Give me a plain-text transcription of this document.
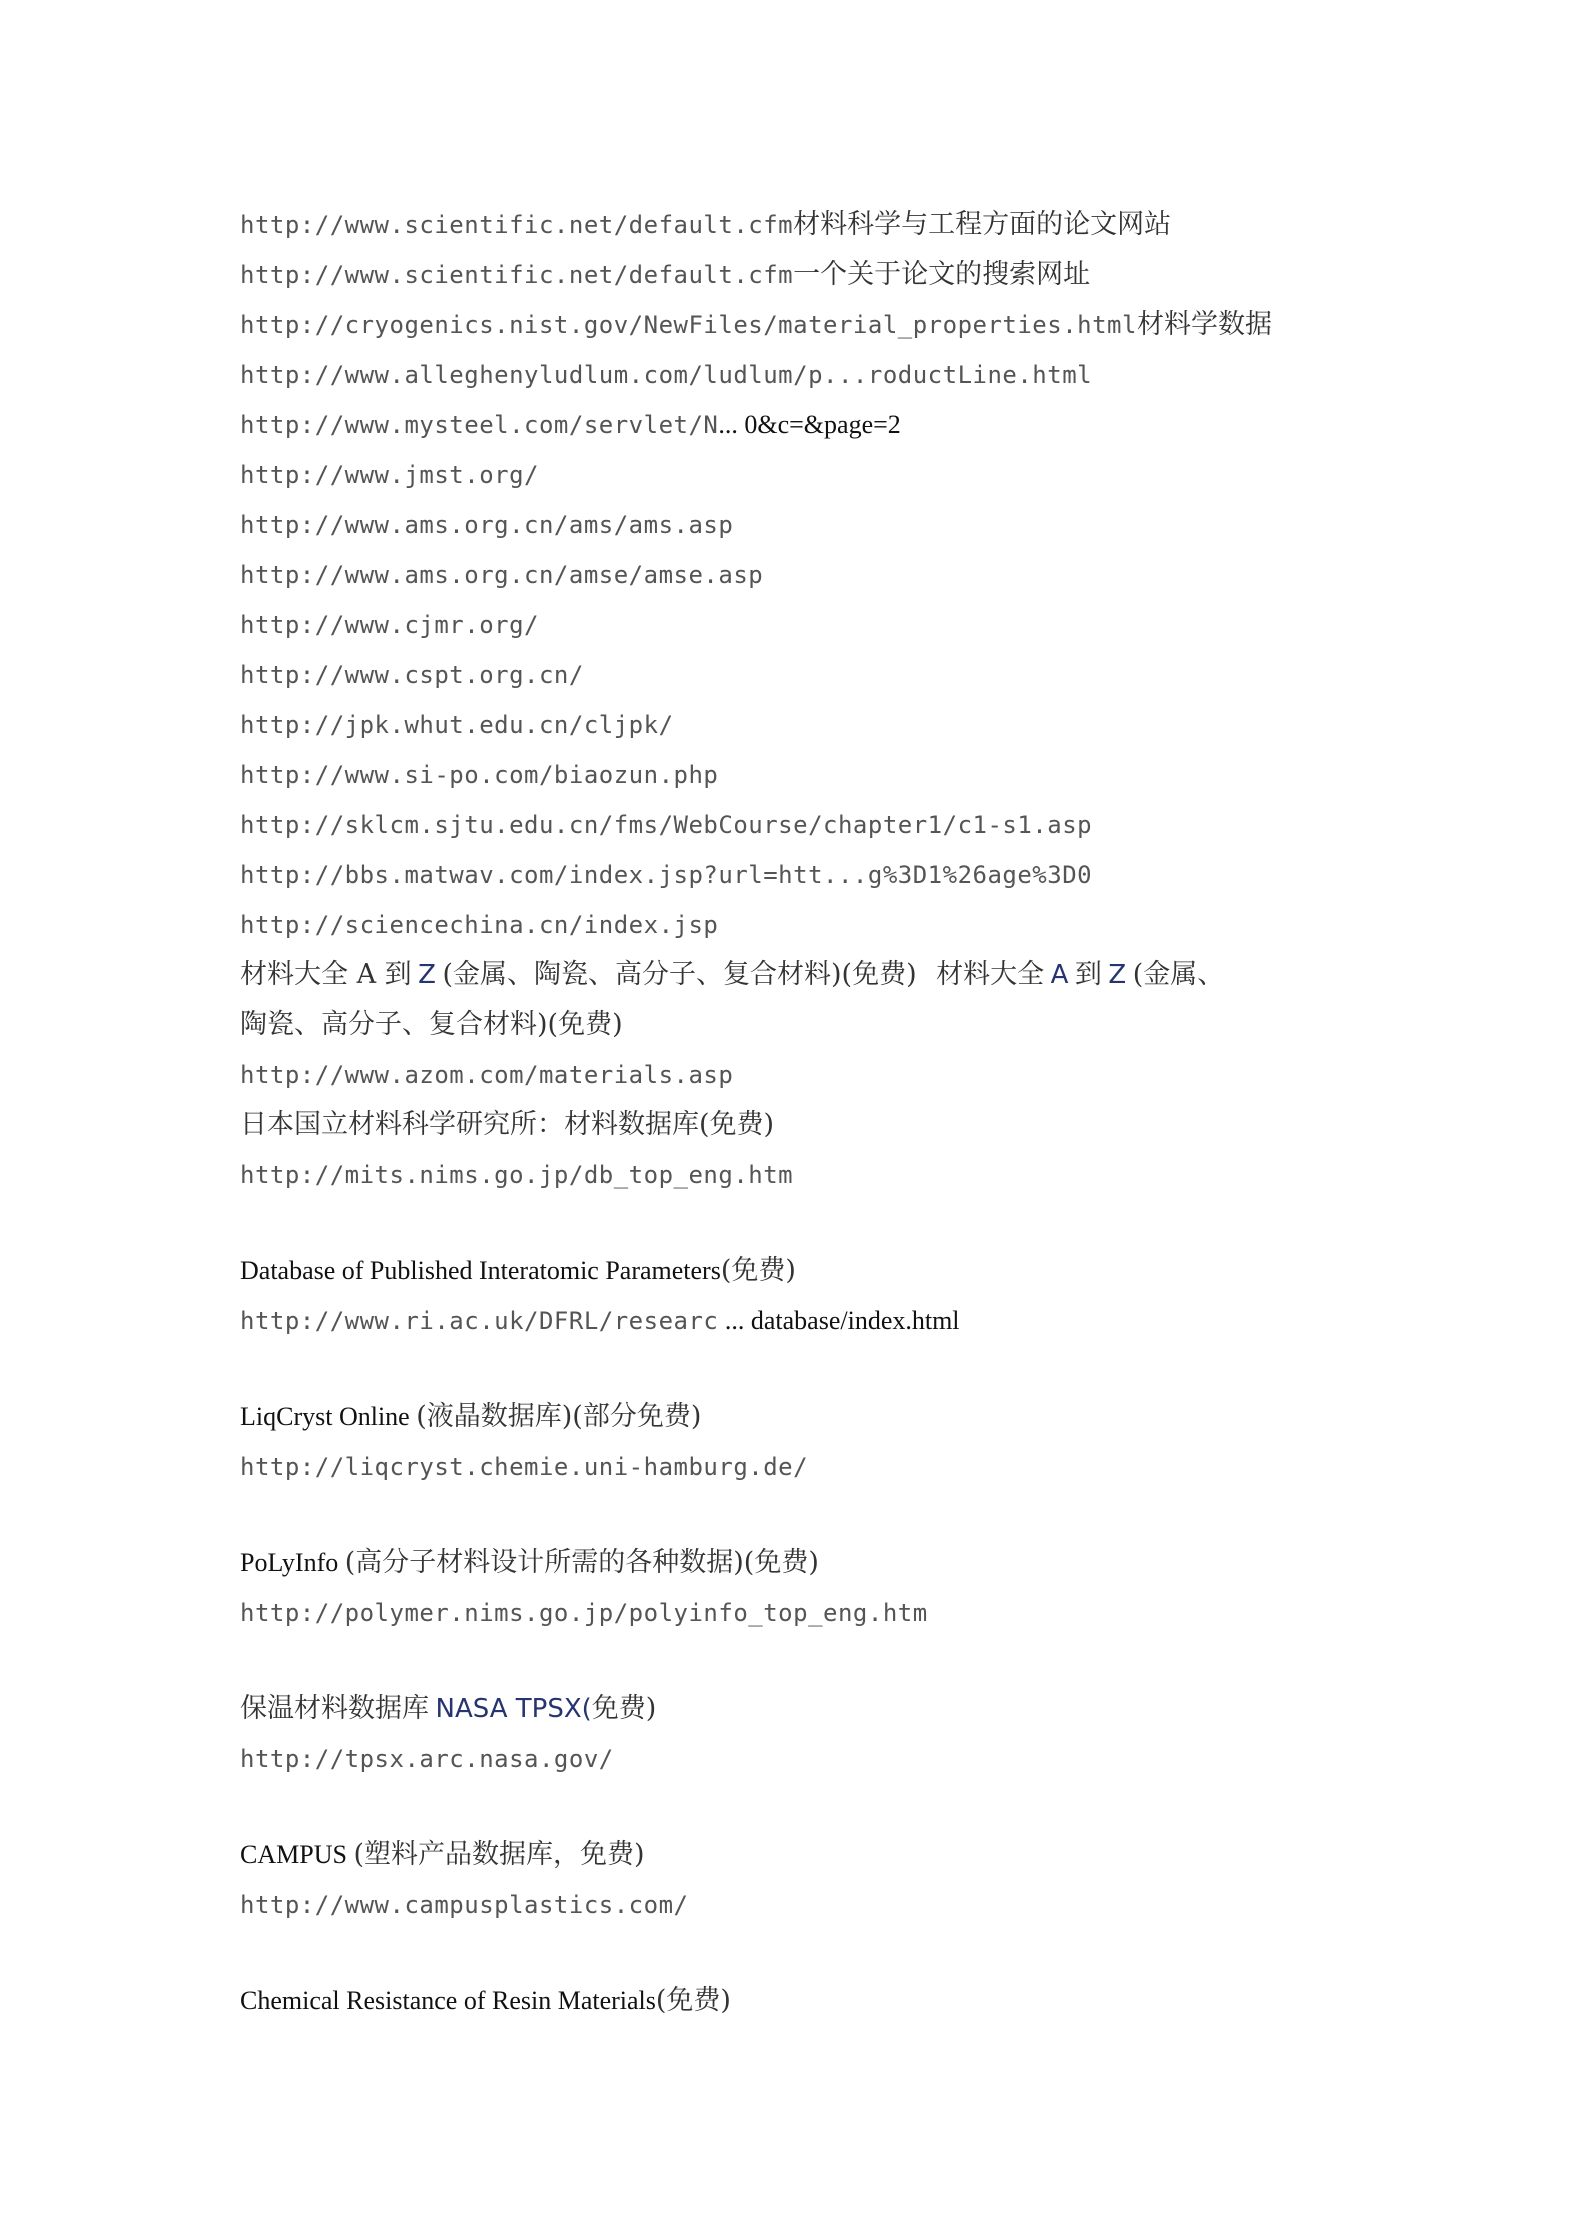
http://www.scientific.net/default.cfm材料科学与工程方面的论文网站
http://www.scientific.net/default.cfm一个关于论文的搜索网址
http://cryogenics.nist.gov/NewFiles/material_properties.html材料学数据
http://www.alleghenyludlum.com/ludlum/p...roductLine.html
http://www.mysteel.com/servlet/N... 0&c=&page=2
http://www.jmst.org/
http://www.ams.org.cn/ams/ams.asp
http://www.ams.org.cn/amse/amse.asp
http://www.cjmr.org/
http://www.cspt.org.cn/
http://jpk.whut.edu.cn/cljpk/
http://www.si-po.com/biaozun.php
http://sklcm.sjtu.edu.cn/fms/WebCourse/chapter1/c1-s1.asp
http://bbs.matwav.com/index.jsp?url=htt...g%3D1%26age%3D0
http://sciencechina.cn/index.jsp
材料大全 A 到 Z (金属、陶瓷、高分子、复合材料)(免费) 材料大全 A 到 Z (金属、
陶瓷、高分子、复合材料)(免费)
http://www.azom.com/materials.asp
日本国立材料科学研究所：材料数据库(免费)
http://mits.nims.go.jp/db_top_eng.htm
Database of Published Interatomic Parameters(免费)
http://www.ri.ac.uk/DFRL/researc ... database/index.html
LiqCryst Online (液晶数据库)(部分免费)
http://liqcryst.chemie.uni-hamburg.de/
PoLyInfo (高分子材料设计所需的各种数据)(免费)
http://polymer.nims.go.jp/polyinfo_top_eng.htm
保温材料数据库 NASA TPSX(免费)
http://tpsx.arc.nasa.gov/
CAMPUS (塑料产品数据库，免费)
http://www.campusplastics.com/
Chemical Resistance of Resin Materials(免费)
